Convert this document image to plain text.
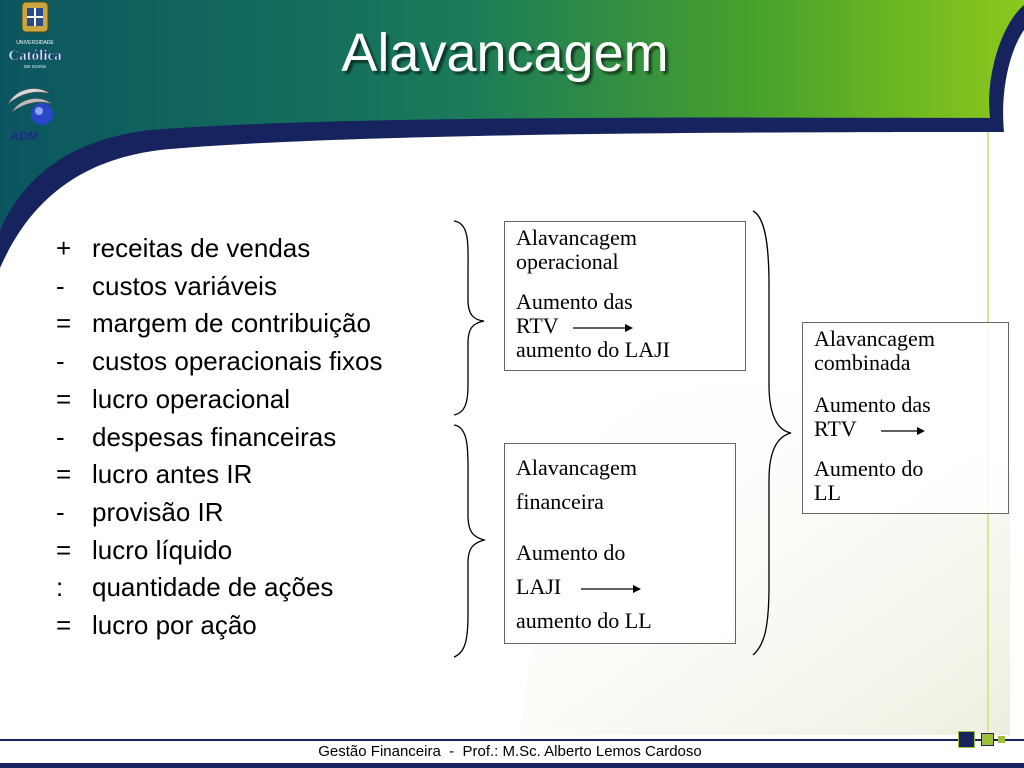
UNIVERSIDADE
Católica
DE GOIÁS
ADM
Alavancagem
+ receitas de vendas
-	custos variáveis
= margem de contribuição
-	custos operacionais fixos
= lucro operacional
-	despesas financeiras
= lucro antes IR
-	provisão IR
= lucro líquido
:	quantidade de ações
= lucro por ação
Alavancagem operacional
Aumento das
RTV
aumento do LAJI
Alavancagem
financeira
Aumento do
LAJI
aumento do LL
Alavancagem combinada
Aumento das
RTV
Aumento do
LL
Gestão Financeira  -  Prof.: M.Sc. Alberto Lemos Cardoso
